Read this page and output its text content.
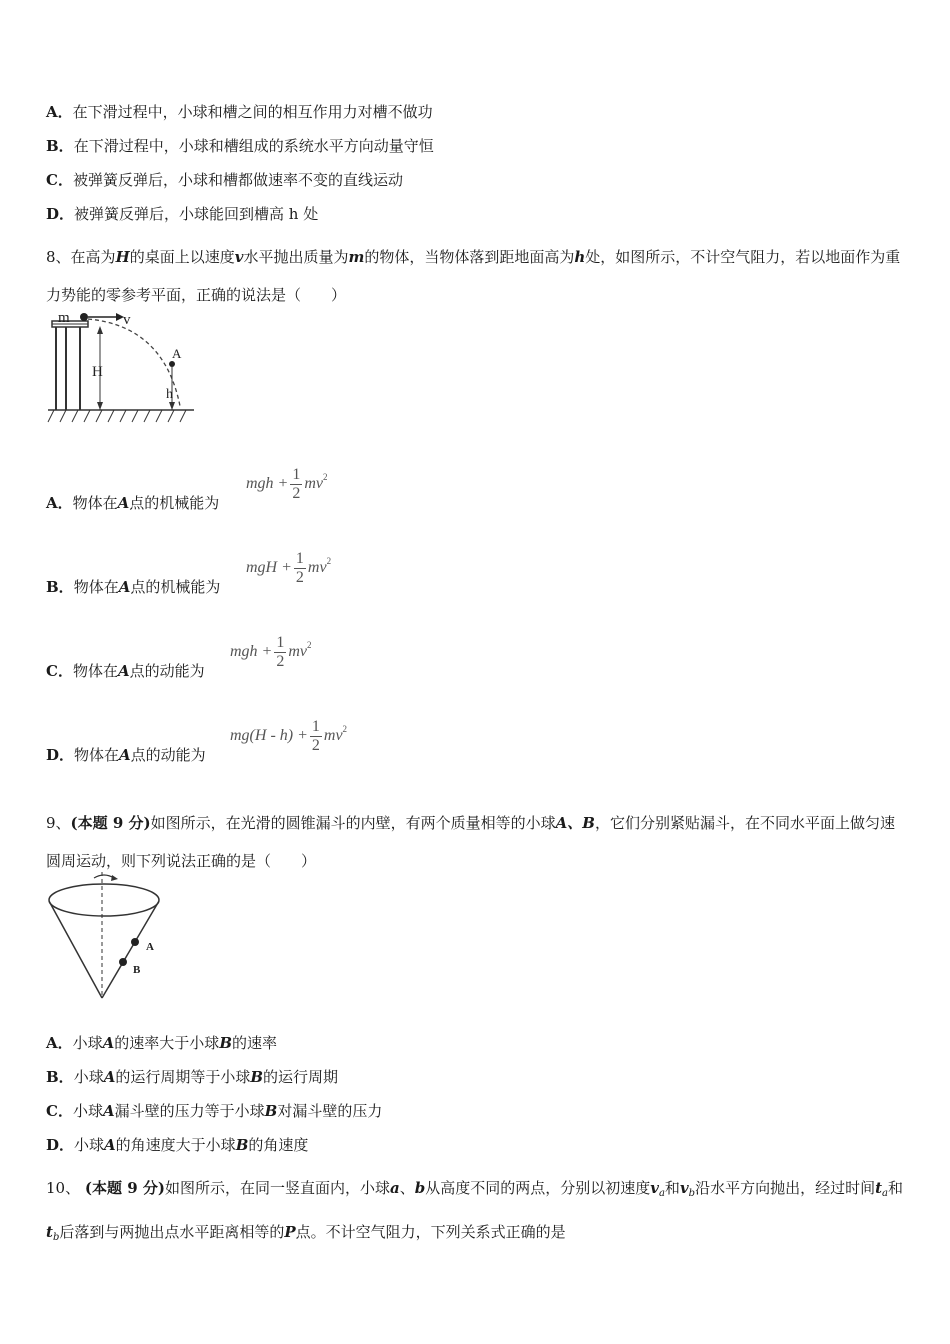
A．在下滑过程中，小球和槽之间的相互作用力对槽不做功
B．在下滑过程中，小球和槽组成的系统水平方向动量守恒
C．被弹簧反弹后，小球和槽都做速率不变的直线运动
D．被弹簧反弹后，小球能回到槽高 h 处
8、在高为H的桌面上以速度v水平抛出质量为m的物体，当物体落到距地面高为h处，如图所示，不计空气阻力，若以地面作为重力势能的零参考平面，正确的说法是（　　）
m	v
H
A
h
A．物体在A点的机械能为
mgh + $\frac{1}{2} mv^2$
B．物体在A点的机械能为
mgH + $\frac{1}{2} mv^2$
C．物体在A点的动能为
mgh + $\frac{1}{2} mv^2$
D．物体在A点的动能为
$mg(H - h) + \frac{1}{2} mv^2$
9、(本题 9 分)如图所示，在光滑的圆锥漏斗的内壁，有两个质量相等的小球A、B，它们分别紧贴漏斗，在不同水平面上做匀速圆周运动，则下列说法正确的是（　　）
A
B
A．小球A的速率大于小球B的速率
B．小球A的运行周期等于小球B的运行周期
C．小球A漏斗壁的压力等于小球B对漏斗壁的压力
D．小球A的角速度大于小球B的角速度
10、 (本题 9 分)如图所示，在同一竖直面内，小球a、b从高度不同的两点，分别以初速度$v_a$和$v_b$沿水平方向抛出，经过时间$t_a$和$t_b$后落到与两抛出点水平距离相等的P点。不计空气阻力，下列关系式正确的是
